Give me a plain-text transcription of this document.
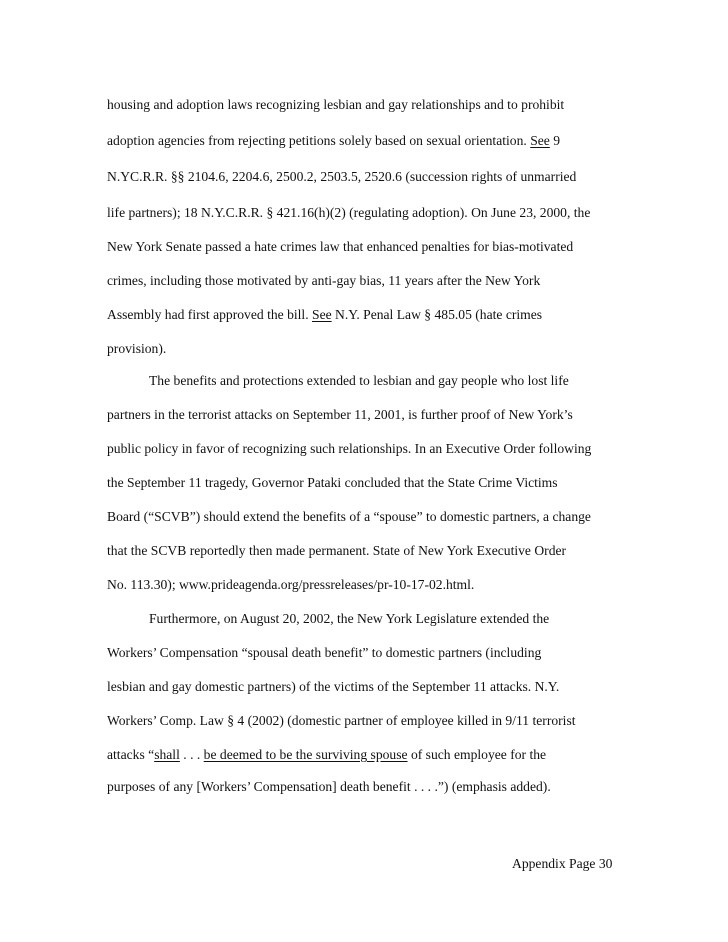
housing and adoption laws recognizing lesbian and gay relationships and to prohibit
adoption agencies from rejecting petitions solely based on sexual orientation. See 9
N.YC.R.R. §§ 2104.6, 2204.6, 2500.2, 2503.5, 2520.6 (succession rights of unmarried
life partners); 18 N.Y.C.R.R. § 421.16(h)(2) (regulating adoption). On June 23, 2000, the
New York Senate passed a hate crimes law that enhanced penalties for bias-motivated
crimes, including those motivated by anti-gay bias, 11 years after the New York
Assembly had first approved the bill. See N.Y. Penal Law § 485.05 (hate crimes
provision).
The benefits and protections extended to lesbian and gay people who lost life
partners in the terrorist attacks on September 11, 2001, is further proof of New York’s
public policy in favor of recognizing such relationships. In an Executive Order following
the September 11 tragedy, Governor Pataki concluded that the State Crime Victims
Board (“SCVB”) should extend the benefits of a “spouse” to domestic partners, a change
that the SCVB reportedly then made permanent. State of New York Executive Order
No. 113.30); www.prideagenda.org/pressreleases/pr-10-17-02.html.
Furthermore, on August 20, 2002, the New York Legislature extended the
Workers’ Compensation “spousal death benefit” to domestic partners (including
lesbian and gay domestic partners) of the victims of the September 11 attacks. N.Y.
Workers’ Comp. Law § 4 (2002) (domestic partner of employee killed in 9/11 terrorist
attacks “shall . . . be deemed to be the surviving spouse of such employee for the
purposes of any [Workers’ Compensation] death benefit . . . .”) (emphasis added).
Appendix Page 30
